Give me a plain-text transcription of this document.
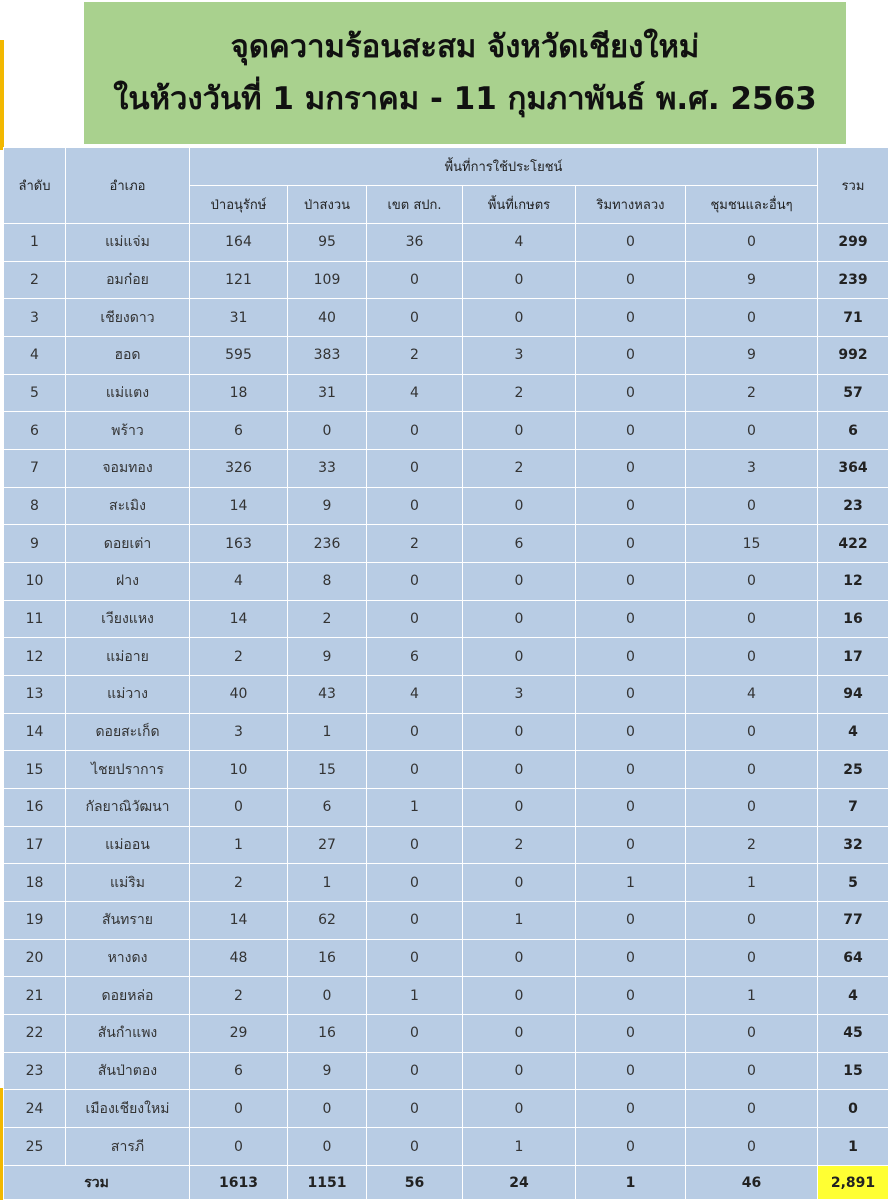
จุดความร้อนสะสม จังหวัดเชียงใหม่
ในห้วงวันที่ 1 มกราคม - 11 กุมภาพันธ์ พ.ศ. 2563
ลำดับ	อำเภอ	พื้นที่การใช้ประโยชน์						รวม
		ป่าอนุรักษ์	ป่าสงวน	เขต สปก.	พื้นที่เกษตร	ริมทางหลวง	ชุมชนและอื่นๆ	
1	แม่แจ่ม	164	95	36	4	0	0	299
2	อมก๋อย	121	109	0	0	0	9	239
3	เชียงดาว	31	40	0	0	0	0	71
4	ฮอด	595	383	2	3	0	9	992
5	แม่แตง	18	31	4	2	0	2	57
6	พร้าว	6	0	0	0	0	0	6
7	จอมทอง	326	33	0	2	0	3	364
8	สะเมิง	14	9	0	0	0	0	23
9	ดอยเต่า	163	236	2	6	0	15	422
10	ฝาง	4	8	0	0	0	0	12
11	เวียงแหง	14	2	0	0	0	0	16
12	แม่อาย	2	9	6	0	0	0	17
13	แม่วาง	40	43	4	3	0	4	94
14	ดอยสะเก็ด	3	1	0	0	0	0	4
15	ไชยปราการ	10	15	0	0	0	0	25
16	กัลยาณิวัฒนา	0	6	1	0	0	0	7
17	แม่ออน	1	27	0	2	0	2	32
18	แม่ริม	2	1	0	0	1	1	5
19	สันทราย	14	62	0	1	0	0	77
20	หางดง	48	16	0	0	0	0	64
21	ดอยหล่อ	2	0	1	0	0	1	4
22	สันกำแพง	29	16	0	0	0	0	45
23	สันป่าตอง	6	9	0	0	0	0	15
24	เมืองเชียงใหม่	0	0	0	0	0	0	0
25	สารภี	0	0	0	1	0	0	1
รวม		1613	1151	56	24	1	46	2,891
